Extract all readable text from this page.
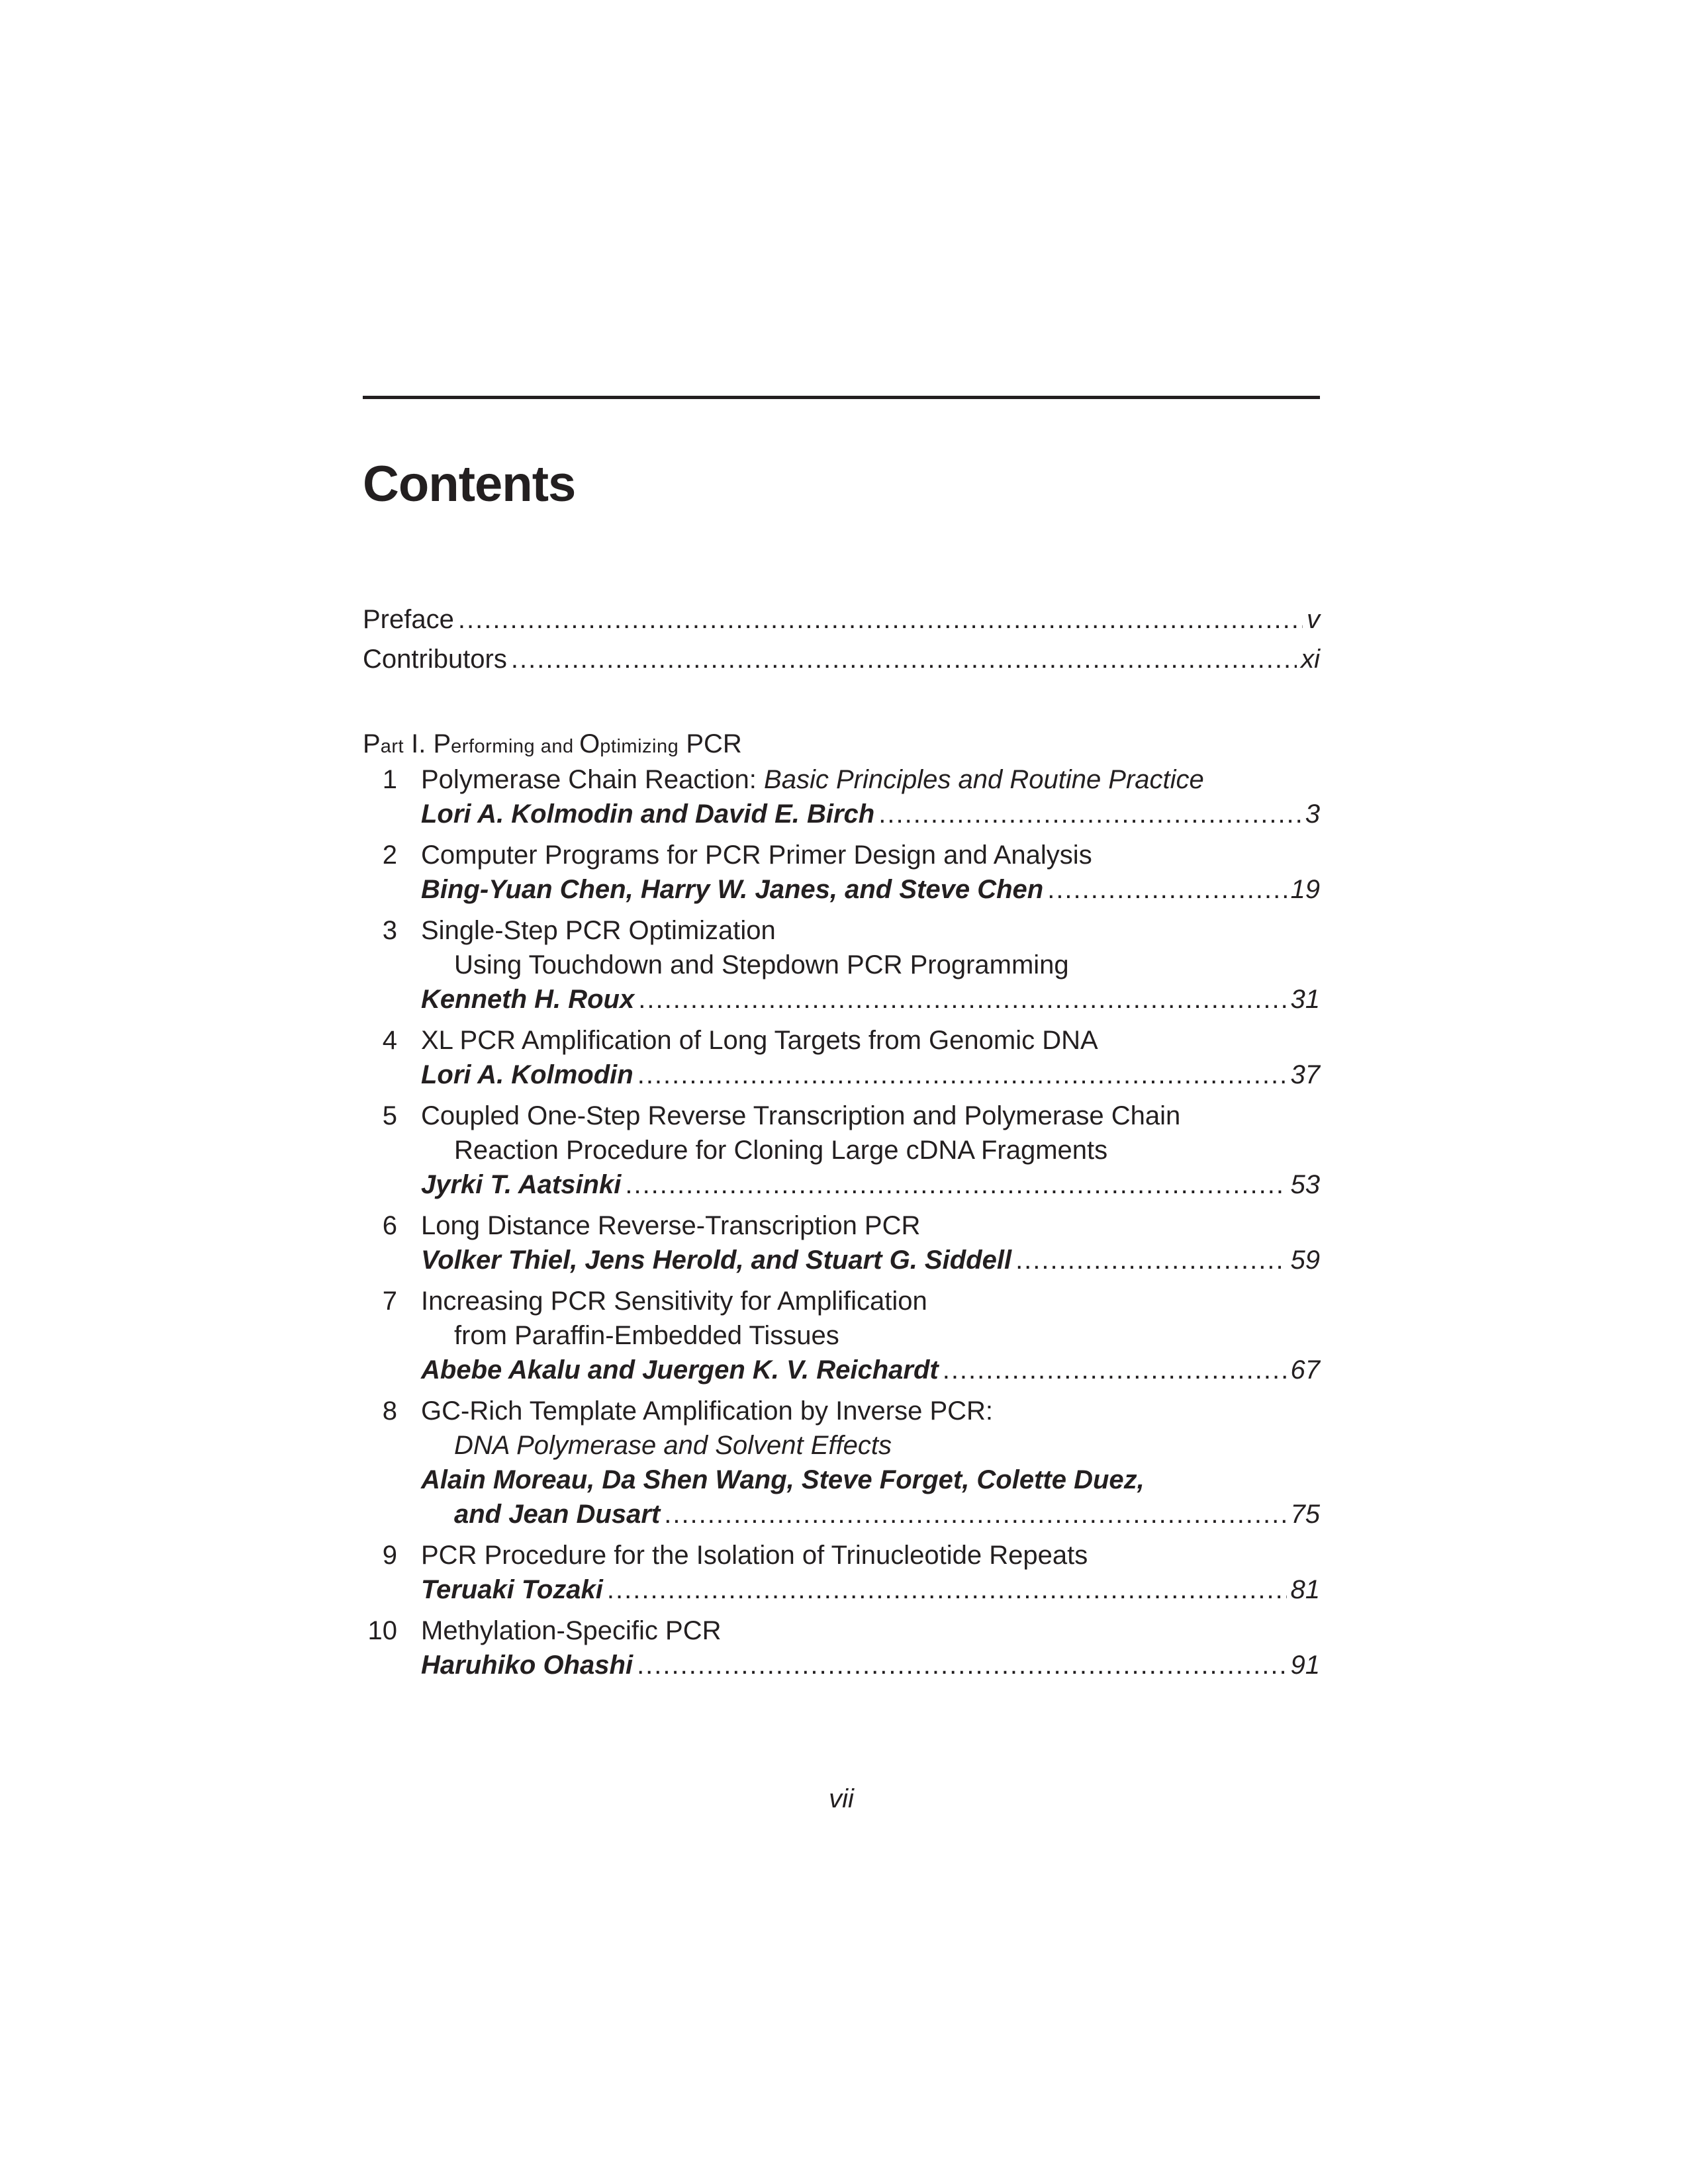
Contents
Preface .....	v
Contributors .....	xi
Part I. Performing and Optimizing PCR
1 Polymerase Chain Reaction: Basic Principles and Routine Practice
Lori A. Kolmodin and David E. Birch .....	3
2 Computer Programs for PCR Primer Design and Analysis
Bing-Yuan Chen, Harry W. Janes, and Steve Chen .....	19
3 Single-Step PCR Optimization
Using Touchdown and Stepdown PCR Programming
Kenneth H. Roux .....	31
4 XL PCR Amplification of Long Targets from Genomic DNA
Lori A. Kolmodin .....	37
5 Coupled One-Step Reverse Transcription and Polymerase Chain
Reaction Procedure for Cloning Large cDNA Fragments
Jyrki T. Aatsinki .....	53
6 Long Distance Reverse-Transcription PCR
Volker Thiel, Jens Herold, and Stuart G. Siddell .....	59
7 Increasing PCR Sensitivity for Amplification
from Paraffin-Embedded Tissues
Abebe Akalu and Juergen K. V. Reichardt .....	67
8 GC-Rich Template Amplification by Inverse PCR:
DNA Polymerase and Solvent Effects
Alain Moreau, Da Shen Wang, Steve Forget, Colette Duez,
and Jean Dusart .....	75
9 PCR Procedure for the Isolation of Trinucleotide Repeats
Teruaki Tozaki .....	81
10 Methylation-Specific PCR
Haruhiko Ohashi .....	91
vii
